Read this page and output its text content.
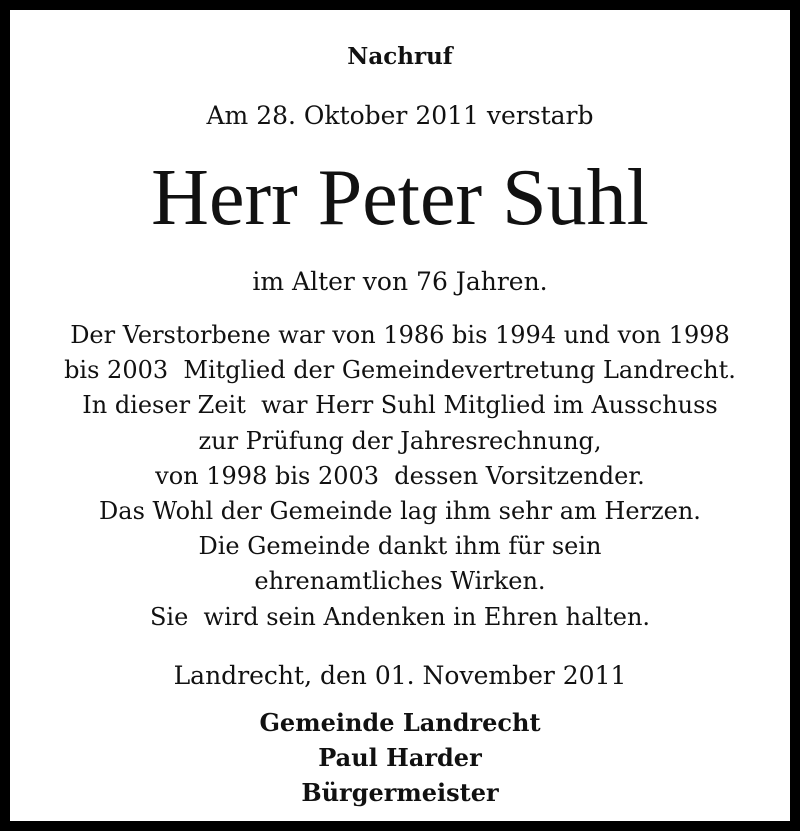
Nachruf
Am 28. Oktober 2011 verstarb
Herr Peter Suhl
im Alter von 76 Jahren.
Der Verstorbene war von 1986 bis 1994 und von 1998
bis 2003  Mitglied der Gemeindevertretung Landrecht.
In dieser Zeit  war Herr Suhl Mitglied im Ausschuss
zur Prüfung der Jahresrechnung,
von 1998 bis 2003  dessen Vorsitzender.
Das Wohl der Gemeinde lag ihm sehr am Herzen.
Die Gemeinde dankt ihm für sein
ehrenamtliches Wirken.
Sie  wird sein Andenken in Ehren halten.
Landrecht, den 01. November 2011
Gemeinde Landrecht
Paul Harder
Bürgermeister
